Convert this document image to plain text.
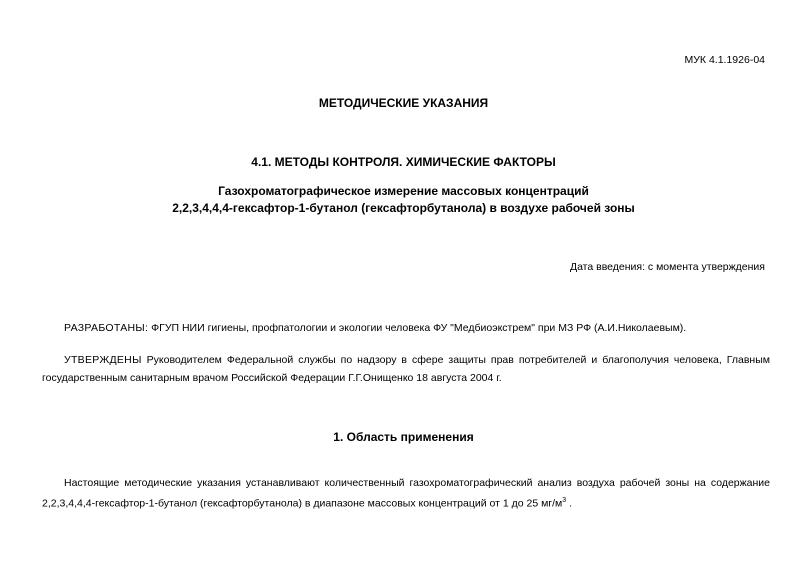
МУК 4.1.1926-04
МЕТОДИЧЕСКИЕ УКАЗАНИЯ
4.1. МЕТОДЫ КОНТРОЛЯ. ХИМИЧЕСКИЕ ФАКТОРЫ
Газохроматографическое измерение массовых концентраций
2,2,3,4,4,4-гексафтор-1-бутанол (гексафторбутанола) в воздухе рабочей зоны
Дата введения: с момента утверждения
РАЗРАБОТАНЫ: ФГУП НИИ гигиены, профпатологии и экологии человека ФУ "Медбиоэкстрем" при МЗ РФ (А.И.Николаевым).
УТВЕРЖДЕНЫ Руководителем Федеральной службы по надзору в сфере защиты прав потребителей и благополучия человека, Главным государственным санитарным врачом Российской Федерации Г.Г.Онищенко 18 августа 2004 г.
1. Область применения
Настоящие методические указания устанавливают количественный газохроматографический анализ воздуха рабочей зоны на содержание 2,2,3,4,4,4-гексафтор-1-бутанол (гексафторбутанола) в диапазоне массовых концентраций от 1 до 25 $мг/м^3$ .
